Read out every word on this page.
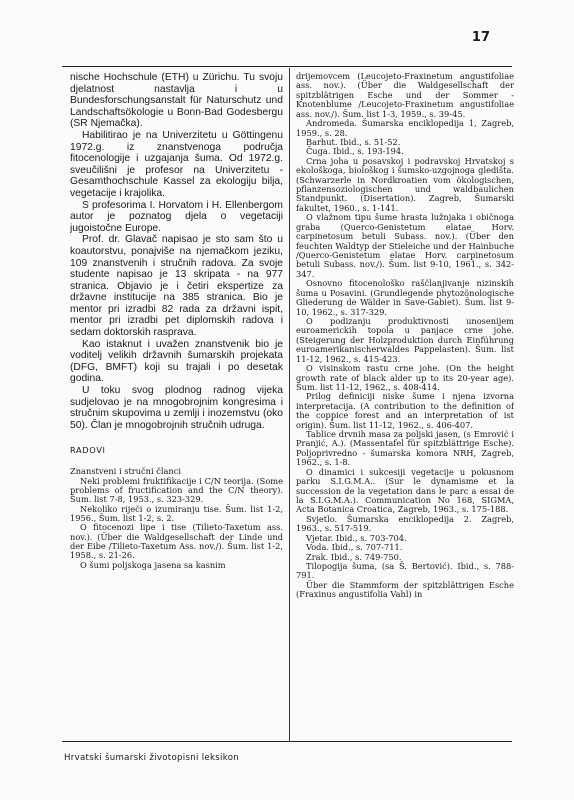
17

nische Hochschule (ETH) u Zürichu. Tu svoju djelatnost nastavlja i u Bundesforschungsanstalt für Naturschutz und Landschaftsökologie u Bonn-Bad Godesbergu (SR Njemačka).

Habilitirao je na Univerzitetu u Göttingenu 1972.g. iz znanstvenoga područja fitocenologije i uzgajanja šuma. Od 1972.g. sveučilišni je profesor na Univerzitetu - Gesamthochschule Kassel za ekologiju bilja, vegetacije i krajolika.

S profesorima I. Horvatom i H. Ellenbergom autor je poznatog djela o vegetaciji jugoistočne Europe.

Prof. dr. Glavač napisao je sto sam što u koautorstvu, ponajviše na njemačkom jeziku, 109 znanstvenih i stručnih radova. Za svoje studente napisao je 13 skripata - na 977 stranica. Objavio je i četiri ekspertize za državne institucije na 385 stranica. Bio je mentor pri izradbi 82 rada za državni ispit, mentor pri izradbi pet diplomskih radova i sedam doktorskih rasprava.

Kao istaknut i uvažen znanstvenik bio je voditelj velikih državnih šumarskih projekata (DFG, BMFT) koji su trajali i po desetak godina.

U toku svog plodnog radnog vijeka sudjelovao je na mnogobrojnim kongresima i stručnim skupovima u zemlji i inozemstvu (oko 50). Član je mnogobrojnih stručnih udruga.

RADOVI
Znanstveni i stručni članci

Neki problemi fruktifikacije i C/N teorija. (Some problems of fructification and the C/N theory). Šum. list 7-8, 1953., s. 323-329.

Nekoliko riječi o izumiranju tise. Šum. list 1-2, 1956., Šum. list 1-2, s. 2.

O fitocenozi lipe i tise (Tilieto-Taxetum ass. nov.). (Über die Waldgesellschaft der Linde und der Eibe /Tilieto-Taxetum Ass. nov./). Šum. list 1-2, 1958., s. 21-26.

O šumi poljskoga jasena sa kasnim

drijemovcem (Leucojeto-Fraxinetum angustifoliae ass. nov.). (Über die Waldgesellschaft der spitzblätrigen Esche und der Sommer - Knotenblume /Leucojeto-Fraxinetum angustifoliae ass. nov./). Šum. list 1-3, 1959., s. 39-45.

Andromeda. Šumarska enciklopedija 1, Zagreb, 1959., s. 28.

Barhut. Ibid., s. 51-52.

Čuga. Ibid., s. 193-194.

Crna joha u posavskoj i podravskoj Hrvatskoj s ekološkoga, biološkog i šumsko-uzgojnoga gledišta. (Schwarzerle in Nordkroatien vom ökologischen, pflanzensoziologischen und waldbaulichen Standpunkt. (Disertation). Zagreb, Šumarski fakultet, 1960., s. 1-141.

O vlažnom tipu šume hrasta lužnjaka i običnoga graba (Querco-Genistetum elatae Horv. carpinetosum betuli Subass. nov.). (Über den feuchten Waldtyp der Stieleiche und der Hainbuche /Querco-Genistetum elatae Horv. carpinetosum betuli Subass. nov./). Šum. list 9-10, 1961., s. 342- 347.

Osnovno fitocenološko raščlanjivanje nizinskih šuma u Posavini. (Grundlegende phytozönologische Gliederung de Wälder in Save-Gabiet). Šum. list 9-10, 1962., s. 317-329.

O podizanju produktivnosti unosenijem euroamerickih topola u panjace crne johe. (Steigerung der Holzproduktion durch Einführung euroamerikanischerwaldes Pappelasten). Šum. list 11-12, 1962., s. 415-423.

O visinskom rastu crne johe. (On the height growth rate of black alder up to its 20-year age). Šum. list 11-12, 1962., s. 408-414.

Prilog definiciji niske šume i njena izvorna interpretacija. (A contribution to the definition of the coppice forest and an interpretation of ist origin). Šum. list 11-12, 1962., s. 406-407.

Tablice drvnih masa za poljski jasen, (s Emrović i Pranjić, A.). (Massentafel für spitzblättrige Esche). Poljoprivredno - šumarska komora NRH, Zagreb, 1962., s. 1-8.

O dinamici i sukcesiji vegetacije u pokusnom parku S.I.G.M.A.. (Sur le dynamisme et la succession de la vegetation dans le parc a essai de la S.I.G.M.A.). Communication No 168, SIGMA, Acta Botanica Croatica, Zagreb, 1963., s. 175-188.

Svjetlo. Šumarska enciklopedija 2. Zagreb, 1963., s. 517-519.

Vjetar. Ibid., s. 703-704.

Voda. Ibid., s. 707-711.

Zrak. Ibid., s. 749-750.

Tilopogija šuma, (sa Š. Bertović). Ibid., s. 788-791.

Über die Stammform der spitzblättrigen Esche (Fraxinus angustifolia Vahl) in

Hrvatski šumarski životopisni leksikon
